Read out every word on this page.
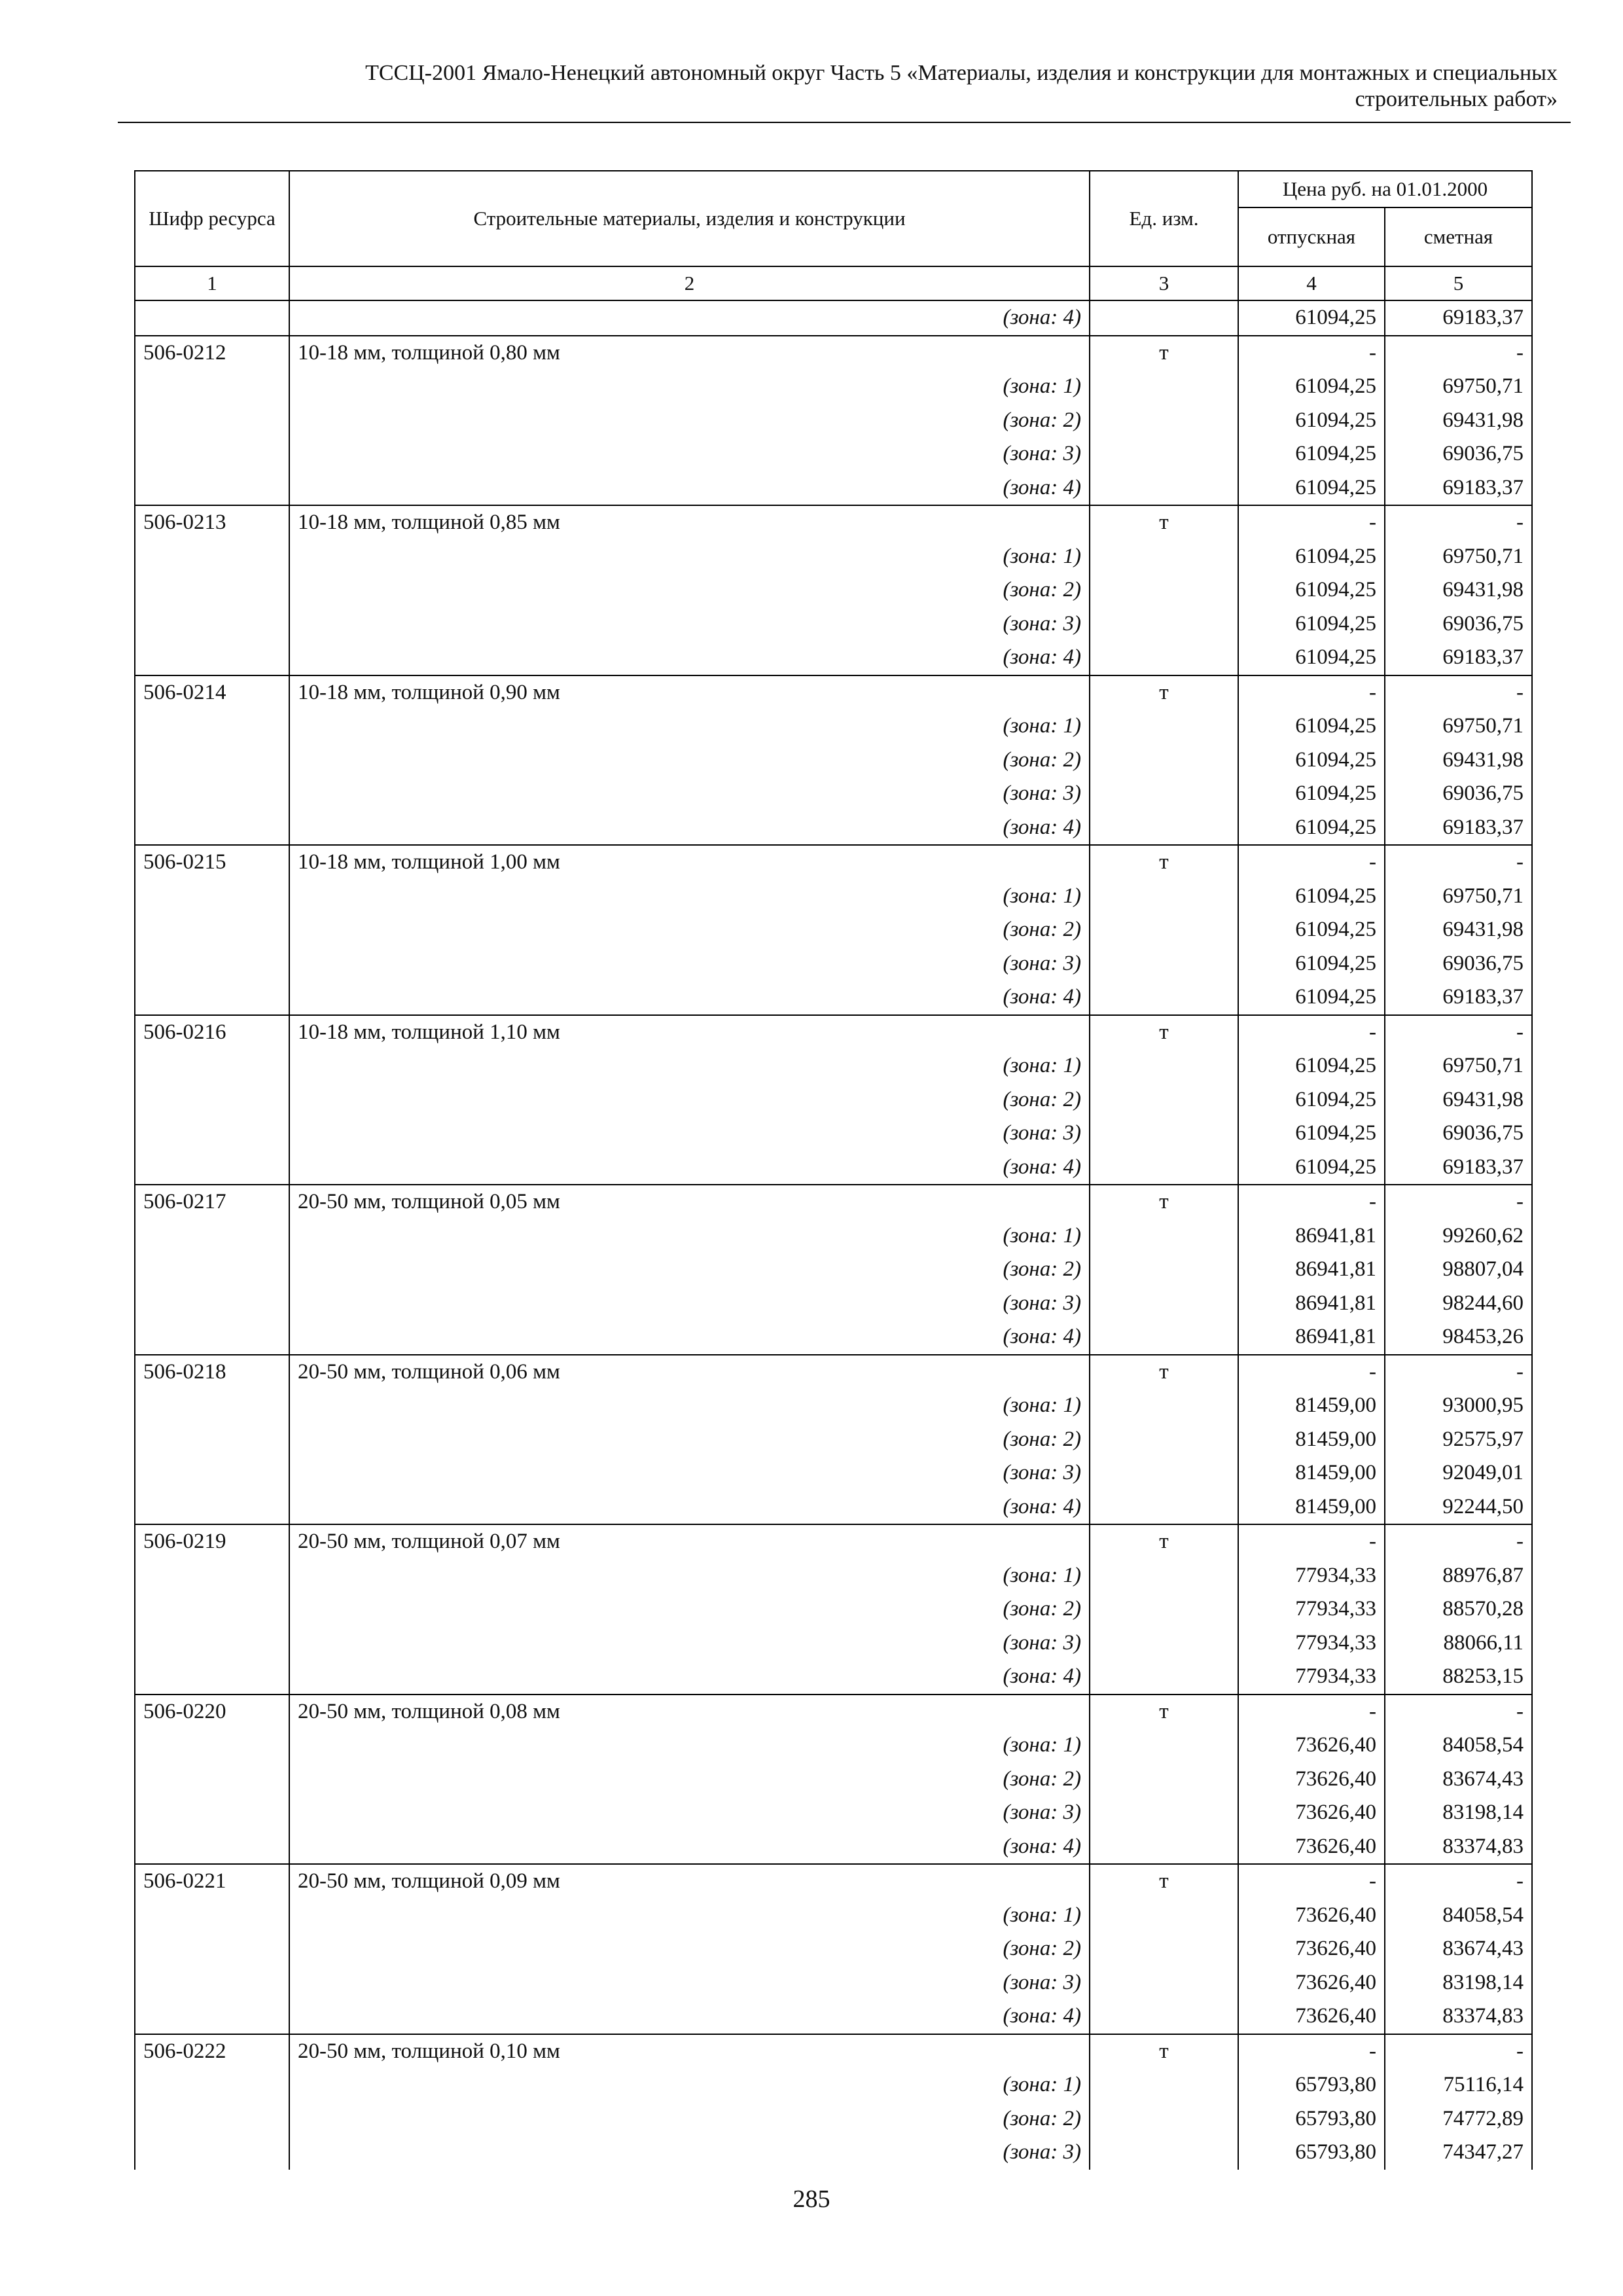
ТССЦ-2001 Ямало-Ненецкий автономный округ Часть 5 «Материалы, изделия и конструкции для монтажных и специальных
строительных работ»
Шифр ресурса	Строительные материалы, изделия и конструкции	Ед. изм.	Цена руб. на 01.01.2000	
			отпускная	сметная
1	2	3	4	5
	(зона: 4)		61094,25	69183,37
506-0212	10-18 мм, толщиной 0,80 мм	т	-	-
	(зона: 1)		61094,25	69750,71
	(зона: 2)		61094,25	69431,98
	(зона: 3)		61094,25	69036,75
	(зона: 4)		61094,25	69183,37
506-0213	10-18 мм, толщиной 0,85 мм	т	-	-
	(зона: 1)		61094,25	69750,71
	(зона: 2)		61094,25	69431,98
	(зона: 3)		61094,25	69036,75
	(зона: 4)		61094,25	69183,37
506-0214	10-18 мм, толщиной 0,90 мм	т	-	-
	(зона: 1)		61094,25	69750,71
	(зона: 2)		61094,25	69431,98
	(зона: 3)		61094,25	69036,75
	(зона: 4)		61094,25	69183,37
506-0215	10-18 мм, толщиной 1,00 мм	т	-	-
	(зона: 1)		61094,25	69750,71
	(зона: 2)		61094,25	69431,98
	(зона: 3)		61094,25	69036,75
	(зона: 4)		61094,25	69183,37
506-0216	10-18 мм, толщиной 1,10 мм	т	-	-
	(зона: 1)		61094,25	69750,71
	(зона: 2)		61094,25	69431,98
	(зона: 3)		61094,25	69036,75
	(зона: 4)		61094,25	69183,37
506-0217	20-50 мм, толщиной 0,05 мм	т	-	-
	(зона: 1)		86941,81	99260,62
	(зона: 2)		86941,81	98807,04
	(зона: 3)		86941,81	98244,60
	(зона: 4)		86941,81	98453,26
506-0218	20-50 мм, толщиной 0,06 мм	т	-	-
	(зона: 1)		81459,00	93000,95
	(зона: 2)		81459,00	92575,97
	(зона: 3)		81459,00	92049,01
	(зона: 4)		81459,00	92244,50
506-0219	20-50 мм, толщиной 0,07 мм	т	-	-
	(зона: 1)		77934,33	88976,87
	(зона: 2)		77934,33	88570,28
	(зона: 3)		77934,33	88066,11
	(зона: 4)		77934,33	88253,15
506-0220	20-50 мм, толщиной 0,08 мм	т	-	-
	(зона: 1)		73626,40	84058,54
	(зона: 2)		73626,40	83674,43
	(зона: 3)		73626,40	83198,14
	(зона: 4)		73626,40	83374,83
506-0221	20-50 мм, толщиной 0,09 мм	т	-	-
	(зона: 1)		73626,40	84058,54
	(зона: 2)		73626,40	83674,43
	(зона: 3)		73626,40	83198,14
	(зона: 4)		73626,40	83374,83
506-0222	20-50 мм, толщиной 0,10 мм	т	-	-
	(зона: 1)		65793,80	75116,14
	(зона: 2)		65793,80	74772,89
	(зона: 3)		65793,80	74347,27
285
